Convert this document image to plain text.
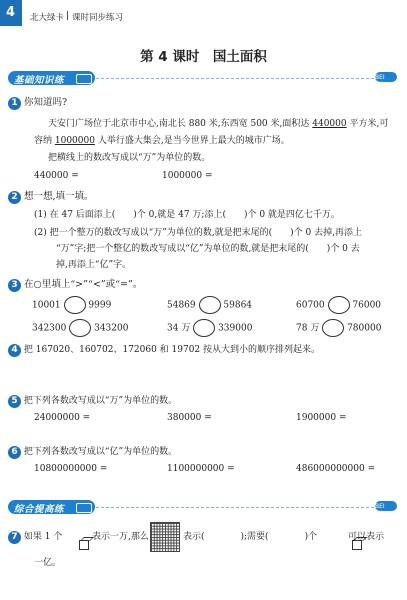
4 北大绿卡 课时同步练习
第 4 课时　国土面积
基础知识练	BEI DA
1 你知道吗?
天安门广场位于北京市中心,南北长 880 米,东西宽 500 米,面积达 440000 平方米,可
容纳 1000000 人举行盛大集会,是当今世界上最大的城市广场。
把横线上的数改写成以“万”为单位的数。
440000 =	1000000 =
2 想一想,填一填。
(1) 在 47 后面添上(　　)个 0,就是 47 万;添上(　　)个 0 就是四亿七千万。
(2) 把一个整万的数改写成以“万”为单位的数,就是把末尾的(　　)个 0 去掉,再添上
“万”字;把一个整亿的数改写成以“亿”为单位的数,就是把末尾的(　　)个 0 去
掉,再添上“亿”字。
3 在○里填上“>”“<”或“=”。
10001	9999	54869	59864	60700	76000
342300	343200	34 万	339000	78 万	780000
4 把 167020、160702、172060 和 19702 按从大到小的顺序排列起来。
5 把下列各数改写成以“万”为单位的数。
24000000 =	380000 =	1900000 =
6 把下列各数改写成以“亿”为单位的数。
10800000000 =	1100000000 =	486000000000 =
综合提高练	BEI DA
7 如果 1 个
	表示一万,那么	表示(　　　　);需要(　　　　)个	可以表示
一亿。
